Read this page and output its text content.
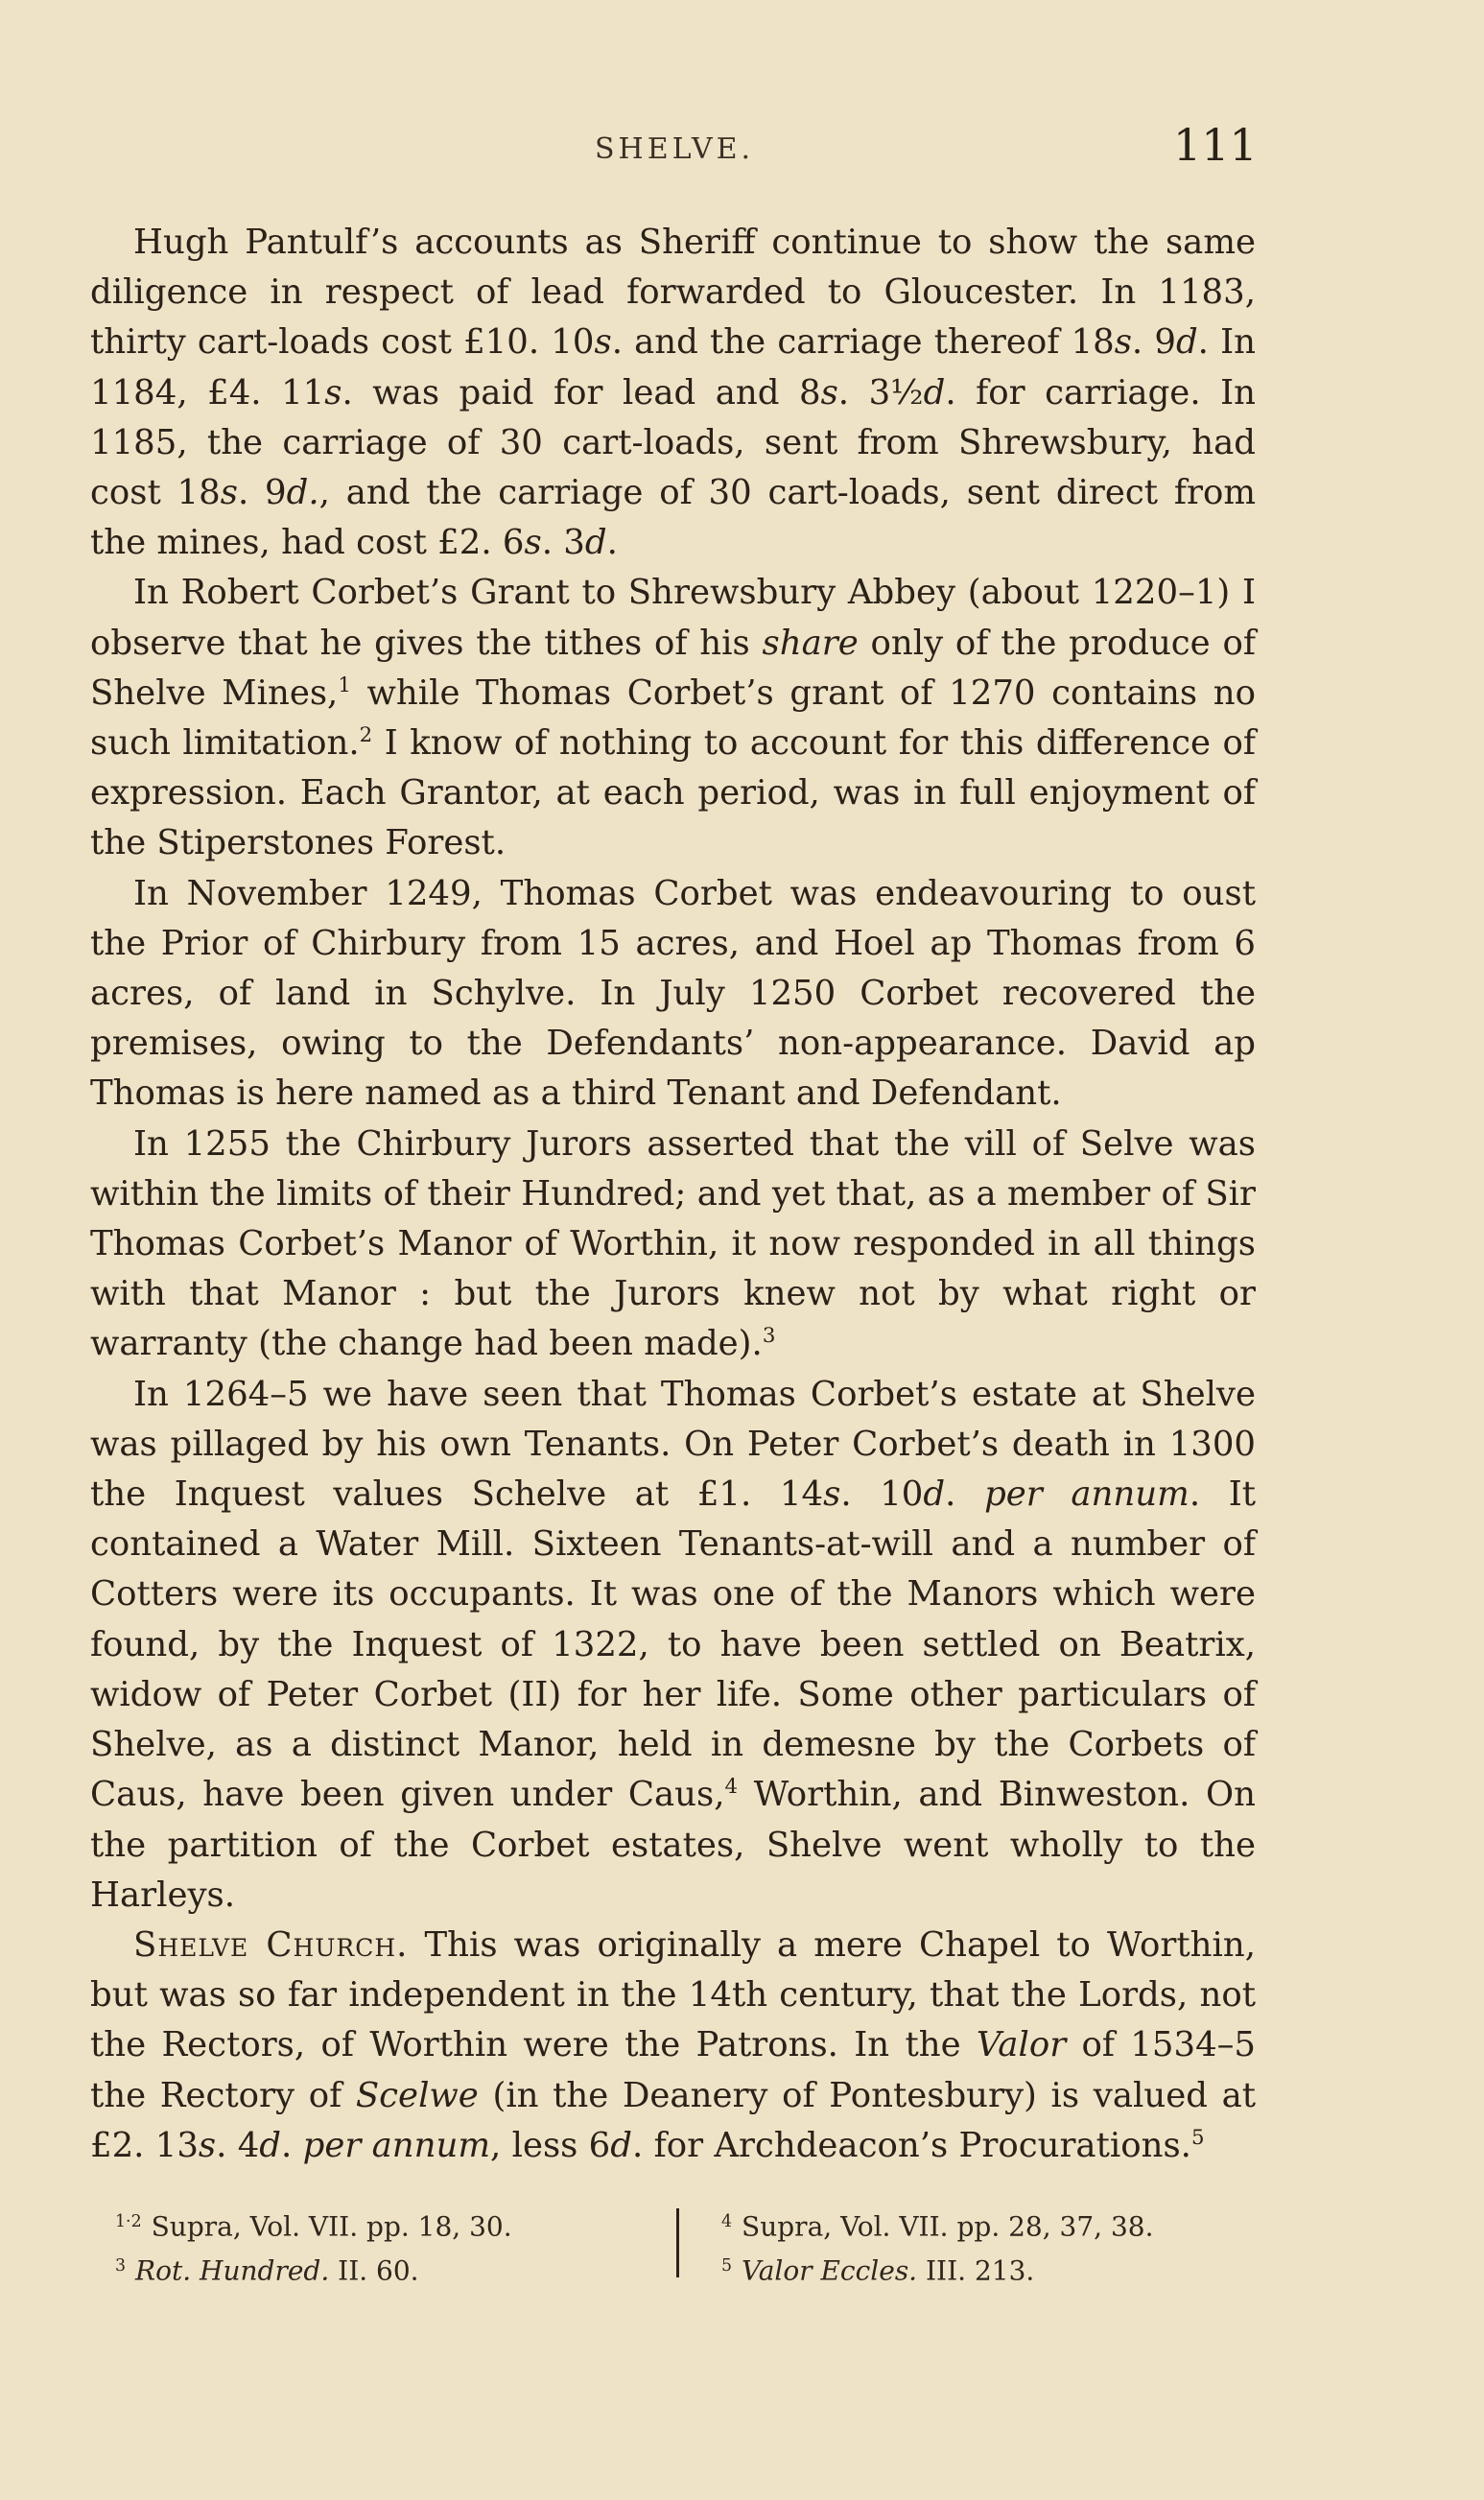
SHELVE.	111

Hugh Pantulf’s accounts as Sheriff continue to show the same diligence in respect of lead forwarded to Gloucester. In 1183, thirty cart-loads cost £10. 10s. and the carriage thereof 18s. 9d. In 1184, £4. 11s. was paid for lead and 8s. 3½d. for carriage. In 1185, the carriage of 30 cart-loads, sent from Shrewsbury, had cost 18s. 9d., and the carriage of 30 cart-loads, sent direct from the mines, had cost £2. 6s. 3d.

In Robert Corbet’s Grant to Shrewsbury Abbey (about 1220–1) I observe that he gives the tithes of his share only of the produce of Shelve Mines,$^1$ while Thomas Corbet’s grant of 1270 contains no such limitation.$^2$ I know of nothing to account for this difference of expression. Each Grantor, at each period, was in full enjoyment of the Stiperstones Forest.

In November 1249, Thomas Corbet was endeavouring to oust the Prior of Chirbury from 15 acres, and Hoel ap Thomas from 6 acres, of land in Schylve. In July 1250 Corbet recovered the premises, owing to the Defendants’ non-appearance. David ap Thomas is here named as a third Tenant and Defendant.

In 1255 the Chirbury Jurors asserted that the vill of Selve was within the limits of their Hundred; and yet that, as a member of Sir Thomas Corbet’s Manor of Worthin, it now responded in all things with that Manor : but the Jurors knew not by what right or warranty (the change had been made).$^3$

In 1264–5 we have seen that Thomas Corbet’s estate at Shelve was pillaged by his own Tenants. On Peter Corbet’s death in 1300 the Inquest values Schelve at £1. 14s. 10d. per annum. It contained a Water Mill. Sixteen Tenants-at-will and a number of Cotters were its occupants. It was one of the Manors which were found, by the Inquest of 1322, to have been settled on Beatrix, widow of Peter Corbet (II) for her life. Some other particulars of Shelve, as a distinct Manor, held in demesne by the Corbets of Caus, have been given under Caus,$^4$ Worthin, and Binweston. On the partition of the Corbet estates, Shelve went wholly to the Harleys.

Shelve Church. This was originally a mere Chapel to Worthin, but was so far independent in the 14th century, that the Lords, not the Rectors, of Worthin were the Patrons. In the Valor of 1534–5 the Rectory of Scelwe (in the Deanery of Pontesbury) is valued at £2. 13s. 4d. per annum, less 6d. for Archdeacon’s Procurations.$^5$

$^{1\cdot 2}$ Supra, Vol. VII. pp. 18, 30.
$^3$ Rot. Hundred. II. 60.
$^4$ Supra, Vol. VII. pp. 28, 37, 38.
$^5$ Valor Eccles. III. 213.
